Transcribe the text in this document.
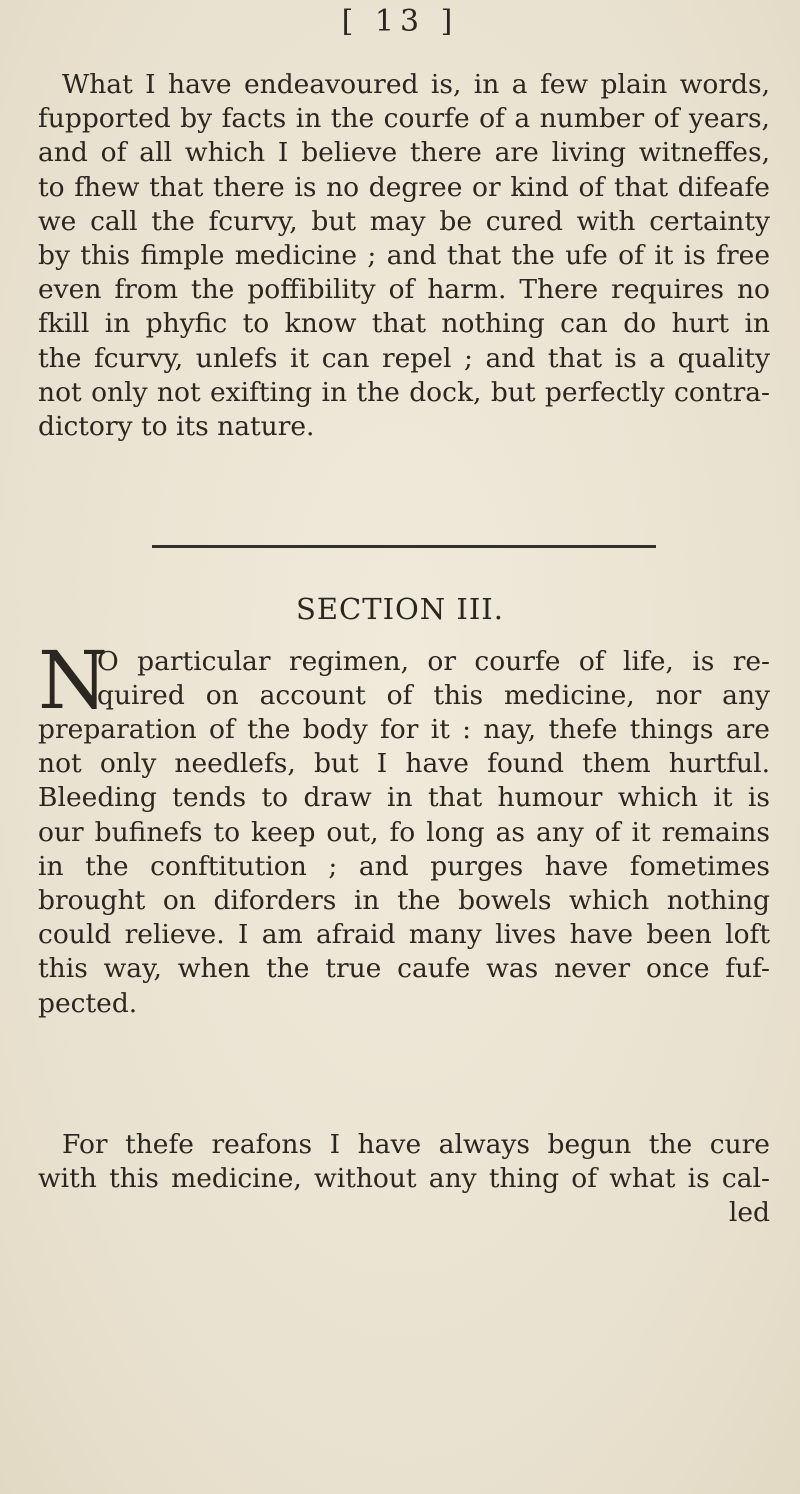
[ 13 ]
What I have endeavoured is, in a few plain words,
fupported by facts in the courfe of a number of years,
and of all which I believe there are living witneffes,
to fhew that there is no degree or kind of that difeafe
we call the fcurvy, but may be cured with certainty
by this fimple medicine ; and that the ufe of it is free
even from the poffibility of harm. There requires no
fkill in phyfic to know that nothing can do hurt in
the fcurvy, unlefs it can repel ; and that is a quality
not only not exifting in the dock, but perfectly contra-
dictory to its nature.
SECTION III.
N
O particular regimen, or courfe of life, is re-
quired on account of this medicine, nor any
preparation of the body for it : nay, thefe things are
not only needlefs, but I have found them hurtful.
Bleeding tends to draw in that humour which it is
our bufinefs to keep out, fo long as any of it remains
in the conftitution ; and purges have fometimes
brought on diforders in the bowels which nothing
could relieve. I am afraid many lives have been loft
this way, when the true caufe was never once fuf-
pected.
For thefe reafons I have always begun the cure
with this medicine, without any thing of what is cal-
led
